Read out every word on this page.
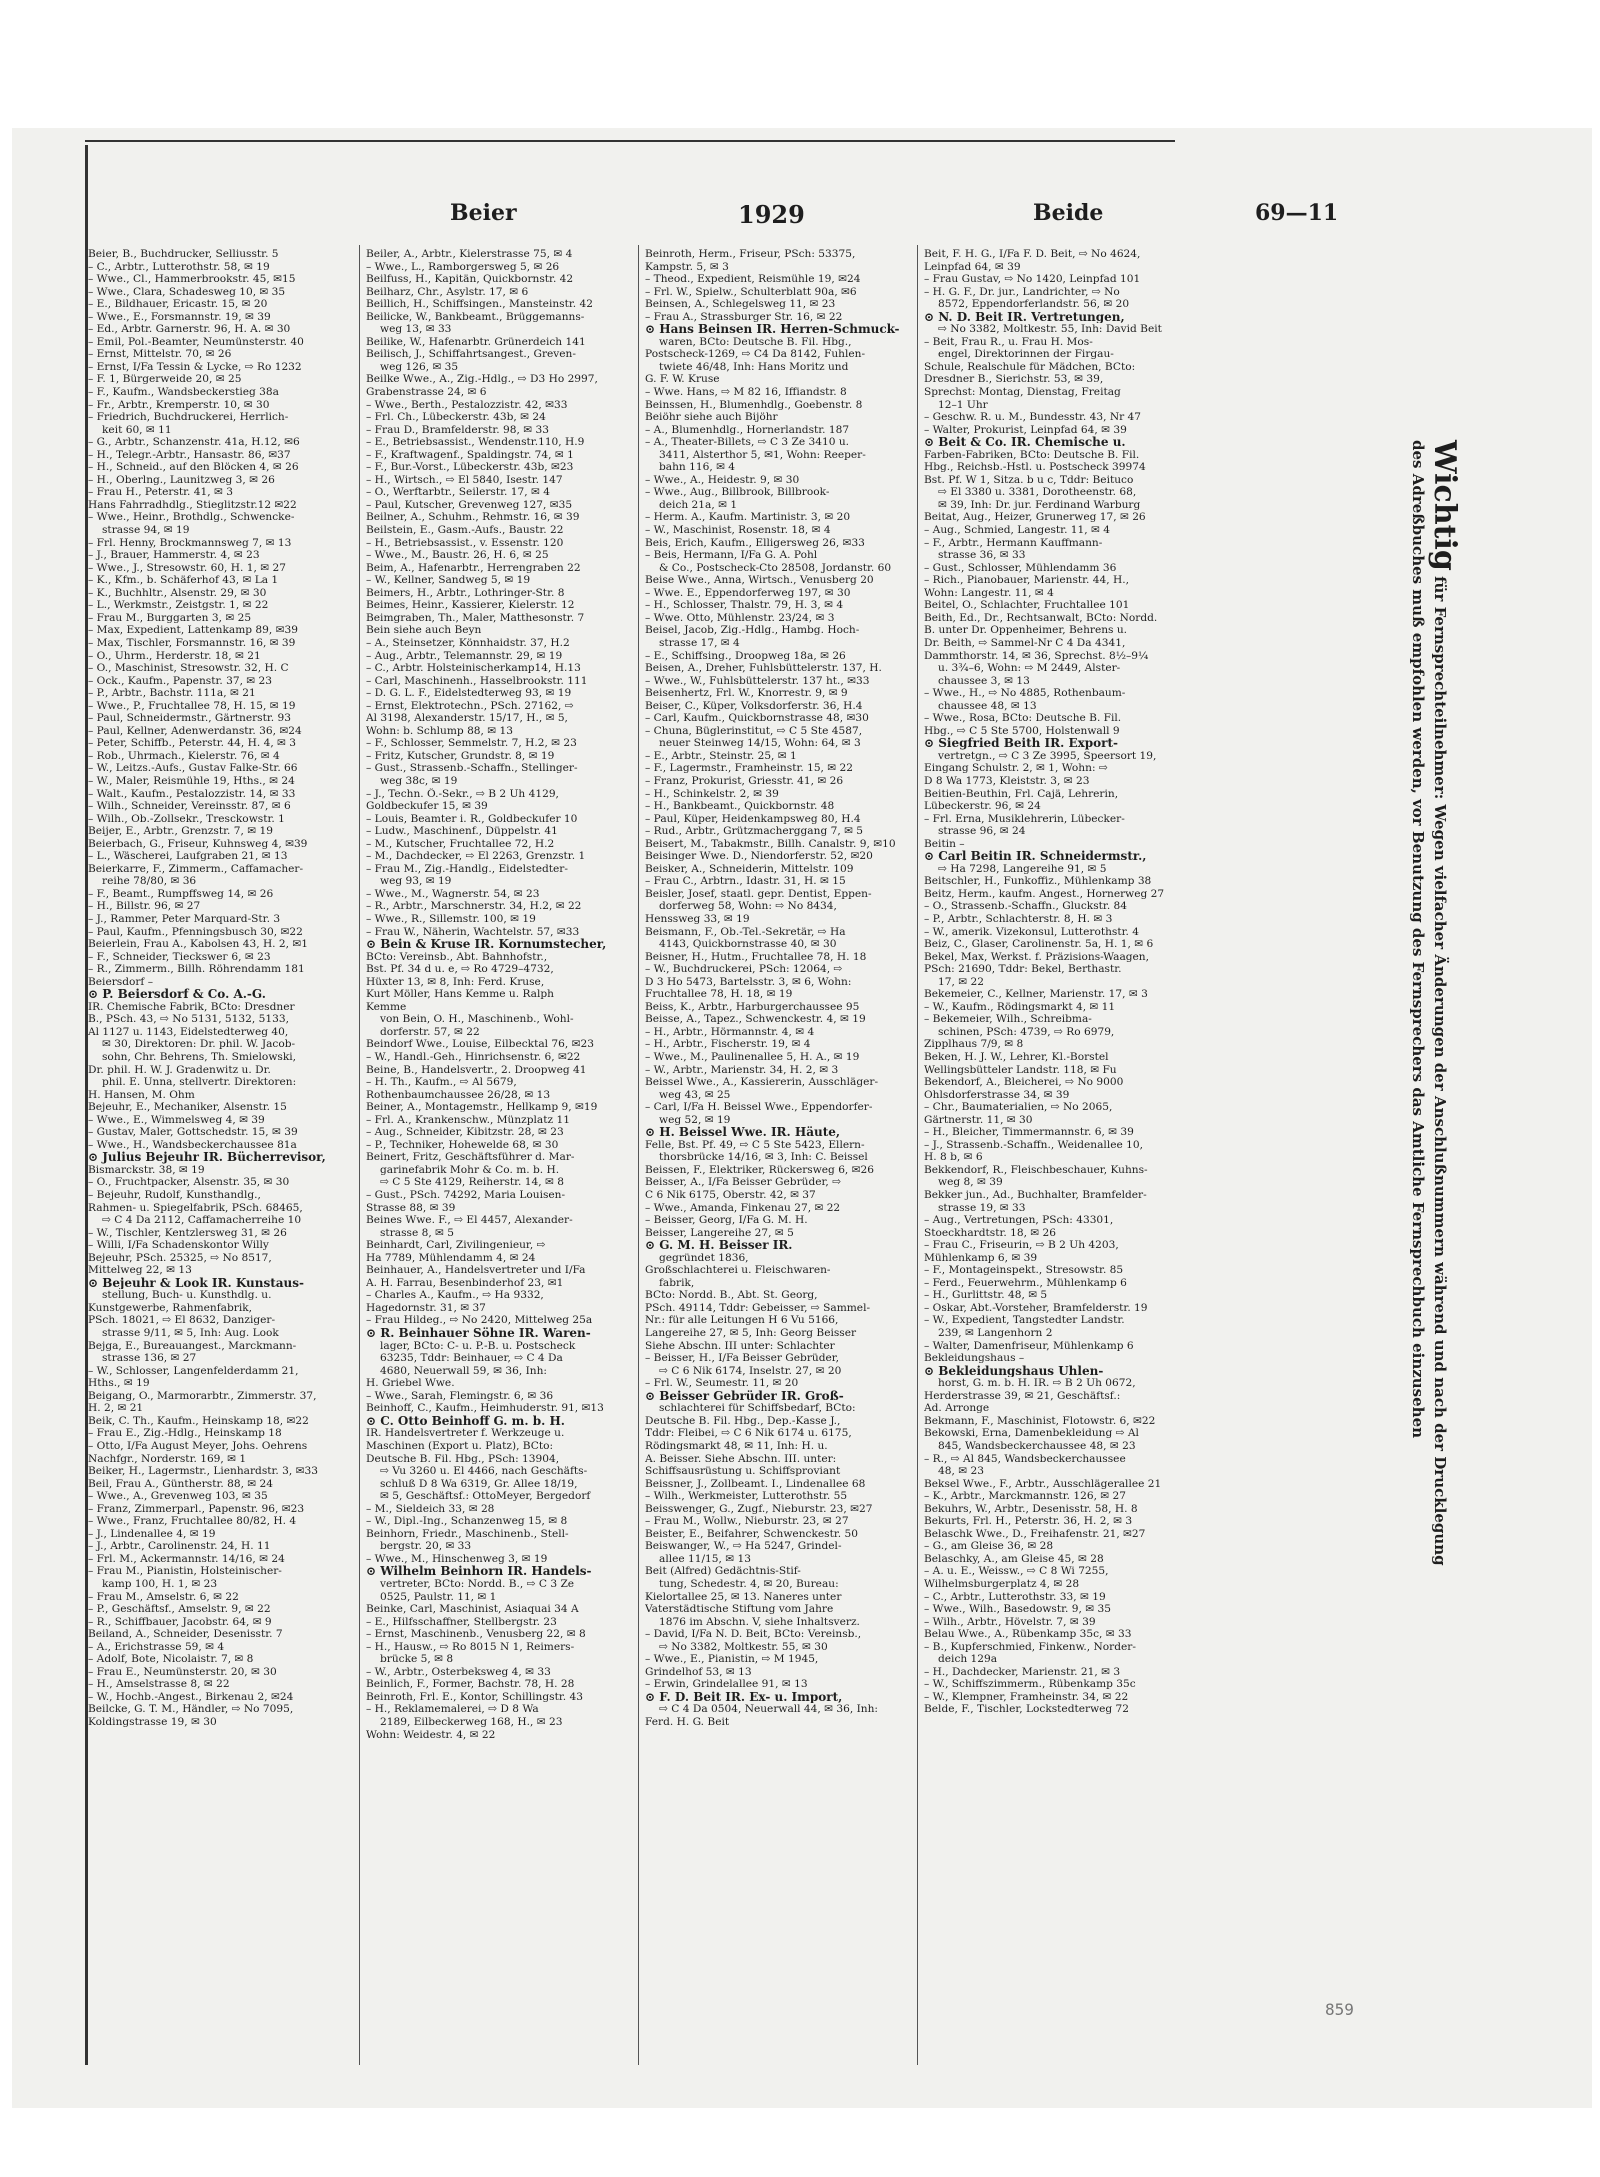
Beier	1929	Beide	69—11
Beier, B., Buchdrucker, Selliusstr. 5
– C., Arbtr., Lutterothstr. 58, ✉ 19
– Wwe., Cl., Hammerbrookstr. 45, ✉15
– Wwe., Clara, Schadesweg 10, ✉ 35
– E., Bildhauer, Ericastr. 15, ✉ 20
– Wwe., E., Forsmannstr. 19, ✉ 39
– Ed., Arbtr. Garnerstr. 96, H. A. ✉ 30
– Emil, Pol.-Beamter, Neumünsterstr. 40
– Ernst, Mittelstr. 70, ✉ 26
– Ernst, I/Fa Tessin & Lycke, ⇨ Ro 1232
– F. 1, Bürgerweide 20, ✉ 25
– F., Kaufm., Wandsbeckerstieg 38a
– Fr., Arbtr., Kremperstr. 10, ✉ 30
– Friedrich, Buchdruckerei, Herrlich-
keit 60, ✉ 11
– G., Arbtr., Schanzenstr. 41a, H.12, ✉6
– H., Telegr.-Arbtr., Hansastr. 86, ✉37
– H., Schneid., auf den Blöcken 4, ✉ 26
– H., Oberlng., Launitzweg 3, ✉ 26
– Frau H., Peterstr. 41, ✉ 3
Hans Fahrradhdlg., Stieglitzstr.12 ✉22
– Wwe., Heinr., Brothdlg., Schwencke-
strasse 94, ✉ 19
– Frl. Henny, Brockmannsweg 7, ✉ 13
– J., Brauer, Hammerstr. 4, ✉ 23
– Wwe., J., Stresowstr. 60, H. 1, ✉ 27
– K., Kfm., b. Schäferhof 43, ✉ La 1
– K., Buchhltr., Alsenstr. 29, ✉ 30
– L., Werkmstr., Zeistgstr. 1, ✉ 22
– Frau M., Burggarten 3, ✉ 25
– Max, Expedient, Lattenkamp 89, ✉39
– Max, Tischler, Forsmannstr. 16, ✉ 39
– O., Uhrm., Herderstr. 18, ✉ 21
– O., Maschinist, Stresowstr. 32, H. C
– Ock., Kaufm., Papenstr. 37, ✉ 23
– P., Arbtr., Bachstr. 111a, ✉ 21
– Wwe., P., Fruchtallee 78, H. 15, ✉ 19
– Paul, Schneidermstr., Gärtnerstr. 93
– Paul, Kellner, Adenwerdanstr. 36, ✉24
– Peter, Schiffb., Peterstr. 44, H. 4, ✉ 3
– Rob., Uhrmach., Kielerstr. 76, ✉ 4
– W., Leitzs.-Aufs., Gustav Falke-Str. 66
– W., Maler, Reismühle 19, Hths., ✉ 24
– Walt., Kaufm., Pestalozzistr. 14, ✉ 33
– Wilh., Schneider, Vereinsstr. 87, ✉ 6
– Wilh., Ob.-Zollsekr., Tresckowstr. 1
Beijer, E., Arbtr., Grenzstr. 7, ✉ 19
Beierbach, G., Friseur, Kuhnsweg 4, ✉39
– L., Wäscherei, Laufgraben 21, ✉ 13
Beierkarre, F., Zimmerm., Caffamacher-
reihe 78/80, ✉ 36
– F., Beamt., Rumpffsweg 14, ✉ 26
– H., Billstr. 96, ✉ 27
– J., Rammer, Peter Marquard-Str. 3
– Paul, Kaufm., Pfenningsbusch 30, ✉22
Beierlein, Frau A., Kabolsen 43, H. 2, ✉1
– F., Schneider, Tieckswег 6, ✉ 23
– R., Zimmerm., Billh. Röhrendamm 181
Beiersdorf –
⊙ P. Beiersdorf & Co. A.-G.
IR. Chemische Fabrik, BCto: Dresdner
B., PSch. 43, ⇨ No 5131, 5132, 5133,
Al 1127 u. 1143, Eidelstedterweg 40,
✉ 30, Direktoren: Dr. phil. W. Jacob-
sohn, Chr. Behrens, Th. Smielowski,
Dr. phil. H. W. J. Gradenwitz u. Dr.
phil. E. Unna, stellvertr. Direktoren:
H. Hansen, M. Ohm
Bejeuhr, E., Mechaniker, Alsenstr. 15
– Wwe., E., Wimmelsweg 4, ✉ 39
– Gustav, Maler, Gottschedstr. 15, ✉ 39
– Wwe., H., Wandsbeckerchaussee 81a
⊙ Julius Bejeuhr IR. Bücherrevisor,
Bismarckstr. 38, ✉ 19
– O., Fruchtpacker, Alsenstr. 35, ✉ 30
– Bejeuhr, Rudolf, Kunsthandlg.,
Rahmen- u. Spiegelfabrik, PSch. 68465,
⇨ C 4 Da 2112, Caffamacherreihe 10
– W., Tischler, Kentzlersweg 31, ✉ 26
– Willi, I/Fa Schadenskontor Willy
Bejeuhr, PSch. 25325, ⇨ No 8517,
Mittelweg 22, ✉ 13
⊙ Bejeuhr & Look IR. Kunstaus-
stellung, Buch- u. Kunsthdlg. u.
Kunstgewerbe, Rahmenfabrik,
PSch. 18021, ⇨ El 8632, Danziger-
strasse 9/11, ✉ 5, Inh: Aug. Look
Bejga, E., Bureauangest., Marckmann-
strasse 136, ✉ 27
– W., Schlosser, Langenfelderdamm 21,
Hths., ✉ 19
Beigang, O., Marmorarbtr., Zimmerstr. 37,
H. 2, ✉ 21
Beik, C. Th., Kaufm., Heinskamp 18, ✉22
– Frau E., Zig.-Hdlg., Heinskamp 18
– Otto, I/Fa August Meyer, Johs. Oehrens
Nachfgr., Norderstr. 169, ✉ 1
Beiker, H., Lagermstr., Lienhardstr. 3, ✉33
Beil, Frau A., Güntherstr. 88, ✉ 24
– Wwe., A., Grevenweg 103, ✉ 35
– Franz, Zimmerparl., Papenstr. 96, ✉23
– Wwe., Franz, Fruchtallee 80/82, H. 4
– J., Lindenallee 4, ✉ 19
– J., Arbtr., Carolinenstr. 24, H. 11
– Frl. M., Ackermannstr. 14/16, ✉ 24
– Frau M., Pianistin, Holsteinischer-
kamp 100, H. 1, ✉ 23
– Frau M., Amselstr. 6, ✉ 22
– P., Geschäftsf., Amselstr. 9, ✉ 22
– R., Schiffbauer, Jacobstr. 64, ✉ 9
Beiland, A., Schneider, Desenisstr. 7
– A., Erichstrasse 59, ✉ 4
– Adolf, Bote, Nicolaistr. 7, ✉ 8
– Frau E., Neumünsterstr. 20, ✉ 30
– H., Amselstrasse 8, ✉ 22
– W., Hochb.-Angest., Birkenau 2, ✉24
Beilcke, G. T. M., Händler, ⇨ No 7095,
Koldingstrasse 19, ✉ 30
Beiler, A., Arbtr., Kielerstrasse 75, ✉ 4
– Wwe., L., Ramborgersweg 5, ✉ 26
Beilfuss, H., Kapitän, Quickbornstr. 42
Beilharz, Chr., Asylstr. 17, ✉ 6
Beillich, H., Schiffsingen., Mansteinstr. 42
Beilicke, W., Bankbeamt., Brüggemanns-
weg 13, ✉ 33
Beilike, W., Hafenarbtr. Grünerdeich 141
Beilisch, J., Schiffahrtsangest., Greven-
weg 126, ✉ 35
Beilke Wwe., A., Zig.-Hdlg., ⇨ D3 Ho 2997,
Grabenstrasse 24, ✉ 6
– Wwe., Berth., Pestalozzistr. 42, ✉33
– Frl. Ch., Lübeckerstr. 43b, ✉ 24
– Frau D., Bramfelderstr. 98, ✉ 33
– E., Betriebsassist., Wendenstr.110, H.9
– F., Kraftwagenf., Spaldingstr. 74, ✉ 1
– F., Bur.-Vorst., Lübeckerstr. 43b, ✉23
– H., Wirtsch., ⇨ El 5840, Isestr. 147
– O., Werftarbtr., Seilerstr. 17, ✉ 4
– Paul, Kutscher, Grevenweg 127, ✉35
Beilner, A., Schuhm., Rehmstr. 16, ✉ 39
Beilstein, E., Gasm.-Aufs., Baustr. 22
– H., Betriebsassist., v. Essenstr. 120
– Wwe., M., Baustr. 26, H. 6, ✉ 25
Beim, A., Hafenarbtr., Herrengraben 22
– W., Kellner, Sandweg 5, ✉ 19
Beimers, H., Arbtr., Lothringer-Str. 8
Beimes, Heinr., Kassierer, Kielerstr. 12
Beimgraben, Th., Maler, Matthesonstr. 7
Bein siehe auch Beyn
– A., Steinsetzer, Könnhaidstr. 37, H.2
– Aug., Arbtr., Telemannstr. 29, ✉ 19
– C., Arbtr. Holsteinischerkamp14, H.13
– Carl, Maschinenh., Hasselbrookstr. 111
– D. G. L. F., Eidelstedterweg 93, ✉ 19
– Ernst, Elektrotechn., PSch. 27162, ⇨
Al 3198, Alexanderstr. 15/17, H., ✉ 5,
Wohn: b. Schlump 88, ✉ 13
– F., Schlosser, Semmelstr. 7, H.2, ✉ 23
– Fritz, Kutscher, Grundstr. 8, ✉ 19
– Gust., Strassenb.-Schaffn., Stellinger-
weg 38c, ✉ 19
– J., Techn. Ö.-Sekr., ⇨ B 2 Uh 4129,
Goldbeckufer 15, ✉ 39
– Louis, Beamter i. R., Goldbeckufer 10
– Ludw., Maschinenf., Düppelstr. 41
– M., Kutscher, Fruchtallee 72, H.2
– M., Dachdecker, ⇨ El 2263, Grenzstr. 1
– Frau M., Zig.-Handlg., Eidelstedter-
weg 93, ✉ 19
– Wwe., M., Wagnerstr. 54, ✉ 23
– R., Arbtr., Marschnerstr. 34, H.2, ✉ 22
– Wwe., R., Sillemstr. 100, ✉ 19
– Frau W., Näherin, Wachtelstr. 57, ✉33
⊙ Bein & Kruse IR. Kornumstecher,
BCto: Vereinsb., Abt. Bahnhofstr.,
Bst. Pf. 34 d u. e, ⇨ Ro 4729–4732,
Hüxter 13, ✉ 8, Inh: Ferd. Kruse,
Kurt Möller, Hans Kemme u. Ralph
Kemme
von Bein, O. H., Maschinenb., Wohl-
dorferstr. 57, ✉ 22
Beindorf Wwe., Louise, Eilbecktal 76, ✉23
– W., Handl.-Geh., Hinrichsenstr. 6, ✉22
Beine, B., Handelsvertr., 2. Droopweg 41
– H. Th., Kaufm., ⇨ Al 5679,
Rothenbaumchaussee 26/28, ✉ 13
Beiner, A., Montagemstr., Hellkamp 9, ✉19
– Frl. A., Krankenschw., Münzplatz 11
– Aug., Schneider, Kibitzstr. 28, ✉ 23
– P., Techniker, Hohewelde 68, ✉ 30
Beinert, Fritz, Geschäftsführer d. Mar-
garinefabrik Mohr & Co. m. b. H.
⇨ C 5 Ste 4129, Reiherstr. 14, ✉ 8
– Gust., PSch. 74292, Maria Louisen-
Strasse 88, ✉ 39
Beines Wwe. F., ⇨ El 4457, Alexander-
strasse 8, ✉ 5
Beinhardt, Carl, Zivilingenieur, ⇨
Ha 7789, Mühlendamm 4, ✉ 24
Beinhauer, A., Handelsvertreter und I/Fa
A. H. Farrau, Besenbinderhof 23, ✉1
– Charles A., Kaufm., ⇨ Ha 9332,
Hagedornstr. 31, ✉ 37
– Frau Hildeg., ⇨ No 2420, Mittelweg 25a
⊙ R. Beinhauer Söhne IR. Waren-
lager, BCto: C- u. P.-B. u. Postscheck
63235, Tddr: Beinhauer, ⇨ C 4 Da
4680, Neuerwall 59, ✉ 36, Inh:
H. Griebel Wwe.
– Wwe., Sarah, Flemingstr. 6, ✉ 36
Beinhoff, C., Kaufm., Heimhuderstr. 91, ✉13
⊙ C. Otto Beinhoff G. m. b. H.
IR. Handelsvertreter f. Werkzeuge u.
Maschinen (Export u. Platz), BCto:
Deutsche B. Fil. Hbg., PSch: 13904,
⇨ Vu 3260 u. El 4466, nach Geschäfts-
schluß D 8 Wa 6319, Gr. Allee 18/19,
✉ 5, Geschäftsf.: OttoMeyer, Bergedorf
– M., Sieldeich 33, ✉ 28
– W., Dipl.-Ing., Schanzenweg 15, ✉ 8
Beinhorn, Friedr., Maschinenb., Stell-
bergstr. 20, ✉ 33
– Wwe., M., Hinschenweg 3, ✉ 19
⊙ Wilhelm Beinhorn IR. Handels-
vertreter, BCto: Nordd. B., ⇨ C 3 Ze
0525, Paulstr. 11, ✉ 1
Beinke, Carl, Maschinist, Asiaquai 34 A
– E., Hilfsschaffner, Stellbergstr. 23
– Ernst, Maschinenb., Venusberg 22, ✉ 8
– H., Hausw., ⇨ Ro 8015 N 1, Reimers-
brücke 5, ✉ 8
– W., Arbtr., Osterbeksweg 4, ✉ 33
Beinlich, F., Former, Bachstr. 78, H. 28
Beinroth, Frl. E., Kontor, Schillingstr. 43
– H., Reklamemalerei, ⇨ D 8 Wa
2189, Eilbeckerweg 168, H., ✉ 23
Wohn: Weidestr. 4, ✉ 22
Beinroth, Herm., Friseur, PSch: 53375,
Kampstr. 5, ✉ 3
– Theod., Expedient, Reismühle 19, ✉24
– Frl. W., Spielw., Schulterblatt 90a, ✉6
Beinsen, A., Schlegelsweg 11, ✉ 23
– Frau A., Strassburger Str. 16, ✉ 22
⊙ Hans Beinsen IR. Herren-Schmuck-
waren, BCto: Deutsche B. Fil. Hbg.,
Postscheck-1269, ⇨ C4 Da 8142, Fuhlen-
twiete 46/48, Inh: Hans Moritz und
G. F. W. Kruse
– Wwe. Hans, ⇨ M 82 16, Iffiandstr. 8
Beinssen, H., Blumenhdlg., Goebenstr. 8
Beiöhr siehe auch Bijöhr
– A., Blumenhdlg., Hornerlandstr. 187
– A., Theater-Billets, ⇨ C 3 Ze 3410 u.
3411, Alsterthor 5, ✉1, Wohn: Reeper-
bahn 116, ✉ 4
– Wwe., A., Heidestr. 9, ✉ 30
– Wwe., Aug., Billbrook, Billbrook-
deich 21a, ✉ 1
– Herm. A., Kaufm. Martinistr. 3, ✉ 20
– W., Maschinist, Rosenstr. 18, ✉ 4
Beis, Erich, Kaufm., Elligersweg 26, ✉33
– Beis, Hermann, I/Fa G. A. Pohl
& Co., Postscheck-Cto 28508, Jordanstr. 60
Beise Wwe., Anna, Wirtsch., Venusberg 20
– Wwe. E., Eppendorferweg 197, ✉ 30
– H., Schlosser, Thalstr. 79, H. 3, ✉ 4
– Wwe. Otto, Mühlenstr. 23/24, ✉ 3
Beisel, Jacob, Zig.-Hdlg., Hambg. Hoch-
strasse 17, ✉ 4
– E., Schiffsing., Droopweg 18a, ✉ 26
Beisen, A., Dreher, Fuhlsbüttelerstr. 137, H.
– Wwe., W., Fuhlsbüttelerstr. 137 ht., ✉33
Beisenhertz, Frl. W., Knorrestr. 9, ✉ 9
Beiser, C., Küper, Volksdorferstr. 36, H.4
– Carl, Kaufm., Quickbornstrasse 48, ✉30
– Chuna, Büglerinstitut, ⇨ C 5 Ste 4587,
neuer Steinweg 14/15, Wohn: 64, ✉ 3
– E., Arbtr., Steinstr. 25, ✉ 1
– F., Lagermstr., Framheinstr. 15, ✉ 22
– Franz, Prokurist, Griesstr. 41, ✉ 26
– H., Schinkelstr. 2, ✉ 39
– H., Bankbeamt., Quickbornstr. 48
– Paul, Küper, Heidenkampsweg 80, H.4
– Rud., Arbtr., Grützmacherggang 7, ✉ 5
Beisert, M., Tabakmstr., Billh. Canalstr. 9, ✉10
Beisinger Wwe. D., Niendorferstr. 52, ✉20
Beisker, A., Schneiderin, Mittelstr. 109
– Frau C., Arbtrn., Idastr. 31, H. ✉ 15
Beisler, Josef, staatl. gepr. Dentist, Eppen-
dorferweg 58, Wohn: ⇨ No 8434,
Henssweg 33, ✉ 19
Beismann, F., Ob.-Tel.-Sekretär, ⇨ Ha
4143, Quickbornstrasse 40, ✉ 30
Beisner, H., Hutm., Fruchtallee 78, H. 18
– W., Buchdruckerei, PSch: 12064, ⇨
D 3 Ho 5473, Bartelsstr. 3, ✉ 6, Wohn:
Fruchtallee 78, H. 18, ✉ 19
Beiss, K., Arbtr., Harburgerchaussee 95
Beisse, A., Tapez., Schwenckestr. 4, ✉ 19
– H., Arbtr., Hörmannstr. 4, ✉ 4
– H., Arbtr., Fischerstr. 19, ✉ 4
– Wwe., M., Paulinenallee 5, H. A., ✉ 19
– W., Arbtr., Marienstr. 34, H. 2, ✉ 3
Beissel Wwe., A., Kassiererin, Ausschläger-
weg 43, ✉ 25
– Carl, I/Fa H. Beissel Wwe., Eppendorfer-
weg 52, ✉ 19
⊙ H. Beissel Wwe. IR. Häute,
Felle, Bst. Pf. 49, ⇨ C 5 Ste 5423, Ellern-
thorsbrücke 14/16, ✉ 3, Inh: C. Beissel
Beissen, F., Elektriker, Rückersweg 6, ✉26
Beisser, A., I/Fa Beisser Gebrüder, ⇨
C 6 Nik 6175, Oberstr. 42, ✉ 37
– Wwe., Amanda, Finkenau 27, ✉ 22
– Beisser, Georg, I/Fa G. M. H.
Beisser, Langereihe 27, ✉ 5
⊙ G. M. H. Beisser IR.
gegründet 1836,
Großschlachterei u. Fleischwaren-
fabrik,
BCto: Nordd. B., Abt. St. Georg,
PSch. 49114, Tddr: Gebeisser, ⇨ Sammel-
Nr.: für alle Leitungen H 6 Vu 5166,
Langereihe 27, ✉ 5, Inh: Georg Beisser
Siehe Abschn. III unter: Schlachter
– Beisser, H., I/Fa Beisser Gebrüder,
⇨ C 6 Nik 6174, Inselstr. 27, ✉ 20
– Frl. W., Seumestr. 11, ✉ 20
⊙ Beisser Gebrüder IR. Groß-
schlachterei für Schiffsbedarf, BCto:
Deutsche B. Fil. Hbg., Dep.-Kasse J.,
Tddr: Fleibei, ⇨ C 6 Nik 6174 u. 6175,
Rödingsmarkt 48, ✉ 11, Inh: H. u.
A. Beisser. Siehe Abschn. III. unter:
Schiffsausrüstung u. Schiffsproviant
Beissner, J., Zollbeamt. I., Lindenallee 68
– Wilh., Werkmeister, Lutterothstr. 55
Beisswenger, G., Zugf., Nieburstr. 23, ✉27
– Frau M., Wollw., Nieburstr. 23, ✉ 27
Beister, E., Beifahrer, Schwenckestr. 50
Beiswanger, W., ⇨ Ha 5247, Grindel-
allee 11/15, ✉ 13
Beit (Alfred) Gedächtnis-Stif-
tung, Schedestr. 4, ✉ 20, Bureau:
Kielortallee 25, ✉ 13. Naneres unter
Vaterstädtische Stiftung vom Jahre
1876 im Abschn. V, siehe Inhaltsverz.
– David, I/Fa N. D. Beit, BCto: Vereinsb.,
⇨ No 3382, Moltkestr. 55, ✉ 30
– Wwe., E., Pianistin, ⇨ M 1945,
Grindelhof 53, ✉ 13
– Erwin, Grindelallee 91, ✉ 13
⊙ F. D. Beit IR. Ex- u. Import,
⇨ C 4 Da 0504, Neuerwall 44, ✉ 36, Inh:
Ferd. H. G. Beit
Beit, F. H. G., I/Fa F. D. Beit, ⇨ No 4624,
Leinpfad 64, ✉ 39
– Frau Gustav, ⇨ No 1420, Leinpfad 101
– H. G. F., Dr. jur., Landrichter, ⇨ No
8572, Eppendorferlandstr. 56, ✉ 20
⊙ N. D. Beit IR. Vertretungen,
⇨ No 3382, Moltkestr. 55, Inh: David Beit
– Beit, Frau R., u. Frau H. Mos-
engel, Direktorinnen der Firgau-
Schule, Realschule für Mädchen, BCto:
Dresdner B., Sierichstr. 53, ✉ 39,
Sprechst: Montag, Dienstag, Freitag
12–1 Uhr
– Geschw. R. u. M., Bundesstr. 43, Nr 47
– Walter, Prokurist, Leinpfad 64, ✉ 39
⊙ Beit & Co. IR. Chemische u.
Farben-Fabriken, BCto: Deutsche B. Fil.
Hbg., Reichsb.-Hstl. u. Postscheck 39974
Bst. Pf. W 1, Sitza. b u c, Tddr: Beituco
⇨ El 3380 u. 3381, Dorotheenstr. 68,
✉ 39, Inh: Dr. jur. Ferdinand Warburg
Beitat, Aug., Heizer, Grunerweg 17, ✉ 26
– Aug., Schmied, Langestr. 11, ✉ 4
– F., Arbtr., Hermann Kauffmann-
strasse 36, ✉ 33
– Gust., Schlosser, Mühlendamm 36
– Rich., Pianobauer, Marienstr. 44, H.,
Wohn: Langestr. 11, ✉ 4
Beitel, O., Schlachter, Fruchtallee 101
Beith, Ed., Dr., Rechtsanwalt, BCto: Nordd.
B. unter Dr. Oppenheimer, Behrens u.
Dr. Beith, ⇨ Sammel-Nr C 4 Da 4341,
Dammthorstr. 14, ✉ 36, Sprechst. 8½–9¼
u. 3¾–6, Wohn: ⇨ M 2449, Alster-
chaussee 3, ✉ 13
– Wwe., H., ⇨ No 4885, Rothenbaum-
chaussee 48, ✉ 13
– Wwe., Rosa, BCto: Deutsche B. Fil.
Hbg., ⇨ C 5 Ste 5700, Holstenwall 9
⊙ Siegfried Beith IR. Export-
vertretgn., ⇨ C 3 Ze 3995, Speersort 19,
Eingang Schulstr. 2, ✉ 1, Wohn: ⇨
D 8 Wa 1773, Kleiststr. 3, ✉ 23
Beitien-Beuthin, Frl. Cajä, Lehrerin,
Lübeckerstr. 96, ✉ 24
– Frl. Erna, Musiklehrerin, Lübecker-
strasse 96, ✉ 24
Beitin –
⊙ Carl Beitin IR. Schneidermstr.,
⇨ Ha 7298, Langereihe 91, ✉ 5
Beitschler, H., Funkoffiz., Mühlenkamp 38
Beitz, Herm., kaufm. Angest., Hornerweg 27
– O., Strassenb.-Schaffn., Gluckstr. 84
– P., Arbtr., Schlachterstr. 8, H. ✉ 3
– W., amerik. Vizekonsul, Lutterothstr. 4
Beiz, C., Glaser, Carolinenstr. 5a, H. 1, ✉ 6
Bekel, Max, Werkst. f. Präzisions-Waagen,
PSch: 21690, Tddr: Bekel, Berthastr.
17, ✉ 22
Bekemeier, C., Kellner, Marienstr. 17, ✉ 3
– W., Kaufm., Rödingsmarkt 4, ✉ 11
– Bekemeier, Wilh., Schreibma-
schinen, PSch: 4739, ⇨ Ro 6979,
Zipplhaus 7/9, ✉ 8
Beken, H. J. W., Lehrer, Kl.-Borstel
Wellingsbütteler Landstr. 118, ✉ Fu
Bekendorf, A., Bleicherei, ⇨ No 9000
Ohlsdorferstrasse 34, ✉ 39
– Chr., Baumaterialien, ⇨ No 2065,
Gärtnerstr. 11, ✉ 30
– H., Bleicher, Timmermannstr. 6, ✉ 39
– J., Strassenb.-Schaffn., Weidenallee 10,
H. 8 b, ✉ 6
Bekkendorf, R., Fleischbeschauer, Kuhns-
weg 8, ✉ 39
Bekker jun., Ad., Buchhalter, Bramfelder-
strasse 19, ✉ 33
– Aug., Vertretungen, PSch: 43301,
Stoeckhardtstr. 18, ✉ 26
– Frau C., Friseurin, ⇨ B 2 Uh 4203,
Mühlenkamp 6, ✉ 39
– F., Montageinspekt., Stresowstr. 85
– Ferd., Feuerwehrm., Mühlenkamp 6
– H., Gurlittstr. 48, ✉ 5
– Oskar, Abt.-Vorsteher, Bramfelderstr. 19
– W., Expedient, Tangstedter Landstr.
239, ✉ Langenhorn 2
– Walter, Damenfriseur, Mühlenkamp 6
Bekleidungshaus –
⊙ Bekleidungshaus Uhlen-
horst, G. m. b. H. IR. ⇨ B 2 Uh 0672,
Herderstrasse 39, ✉ 21, Geschäftsf.:
Ad. Arronge
Bekmann, F., Maschinist, Flotowstr. 6, ✉22
Bekowski, Erna, Damenbekleidung ⇨ Al
845, Wandsbeckerchaussee 48, ✉ 23
– R., ⇨ Al 845, Wandsbeckerchaussee
48, ✉ 23
Beksel Wwe., F., Arbtr., Ausschlägerallee 21
– K., Arbtr., Marckmannstr. 126, ✉ 27
Bekuhrs, W., Arbtr., Desenisstr. 58, H. 8
Bekurts, Frl. H., Peterstr. 36, H. 2, ✉ 3
Belaschk Wwe., D., Freihafenstr. 21, ✉27
– G., am Gleise 36, ✉ 28
Belaschky, A., am Gleise 45, ✉ 28
– A. u. E., Weissw., ⇨ C 8 Wi 7255,
Wilhelmsburgerplatz 4, ✉ 28
– C., Arbtr., Lutterothstr. 33, ✉ 19
– Wwe., Wilh., Basedowstr. 9, ✉ 35
– Wilh., Arbtr., Hövelstr. 7, ✉ 39
Belau Wwe., A., Rübenkamp 35c, ✉ 33
– B., Kupferschmied, Finkenw., Norder-
deich 129a
– H., Dachdecker, Marienstr. 21, ✉ 3
– W., Schiffszimmerm., Rübenkamp 35c
– W., Klempner, Framheinstr. 34, ✉ 22
Belde, F., Tischler, Lockstedterweg 72
Wichtig für Fernsprechteilnehmer: Wegen vielfacher Änderungen der Anschlußnummern während und nach der Drucklegung
des Adreßbuches muß empfohlen werden, vor Benutzung des Fernsprechers das Amtliche Fernsprechbuch einzusehen
859
